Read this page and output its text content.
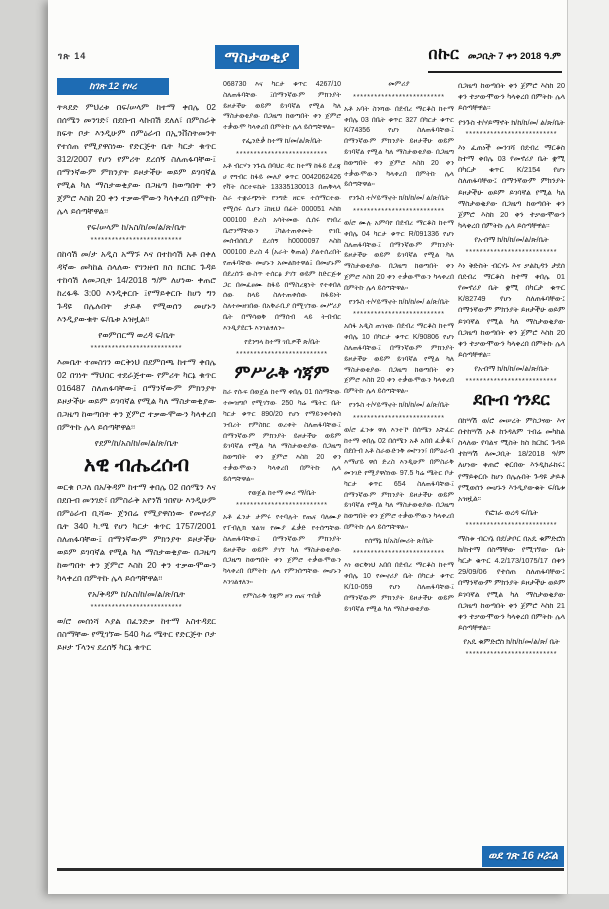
ገጽ 14	ማስታወቂያ	በኩር መጋቢት 7 ቀን 2018 ዓ.ም
ከገጽ 12 የዞረ
ትጻደድ ምህረቱ በፍ/ሠላም ከተማ ቀበሌ 02 በሰሜን መንገድ፣ በደቡብ ላኩበሽ ደለለ፣ በምስራቅ ክፍት ቦታ እንዲሁም በምዕራብ በኢንቨስትመንት የተሰጠ የሚያዋስነው የድርጅት ቤት ካርታ ቁጥር 312/2007 የሆነ የምሪት ደረሰኝ ስለጠፋባቸው፤ በማንኛውም ምክንያት ይዞታችሁ ወይም ይገባኛል የሚል ካለ ማስታወቂያው በጋዜጣ ከወጣበት ቀን ጀምሮ እስከ 20 ቀን ተቃውሞውን ካላቀረበ በምትኩ ሌላ ይሰጣቸዋል፡፡
የፍ/ሠላም ከ/አስ/ከ/መ/ል/ጽ/ቤት
**************************
በከሳሽ መ/ታ አዲስ አማኙ እና በተከሳሽ አቶ በቀለ ዳኛው መካከል ስላለው የገንዘብ ክስ ክርክር ጉዳይ ተከሳሽ ለመጋቢት 14/2018 ዓ/ም ለሆነው ቀጠሮ ከረፋዱ 3:00 እንዲቀርቡ ፤የማይቀርቡ ከሆነ ግን ጉዳዩ በሌሉበት ታይቶ የሚወሰን መሆኑን እንዲያውቁት ፍ/ቤቱ አዝዟል፡፡
የወምበርማ ወረዳ ፍ/ቤት
**************************
እመቤት ተመስገን ወርቅነህ በደምበጫ ከተማ ቀበሌ 02 በገነት ማህበር ተደራጅተው የምሪት ካርኔ ቁጥር 016487 ስለጠፋባቸው፤ በማንኛውም ምክንያት ይዞታችሁ ወይም ይገባኛል የሚል ካለ ማስታወቂያው በጋዜጣ ከወጣበት ቀን ጀምሮ ተቃውሞውን ካላቀረበ በምትኩ ሌላ ይሰጣቸዋል፡፡
የደም/ከ/አስ/ከ/መ/ል/ጽ/ቤት
አዊ ብሔረሰብ
ወርቁ ቦጋለ በአ/ቅዳም ከተማ ቀበሌ 02 በሰሜን እና በደቡብ መንገድ፣ በምስራቅ አየንሽ ገበየሁ እንዲሁም በምዕራብ ቢሻው ጀንበሬ የሚያዋስነው የመኖሪያ ቤት 340 ካ.ሜ የሆነ ካርታ ቁጥር 1757/2001 ስለጠፋባቸው፤ በማንኛውም ምክንያት ይዞታችሁ ወይም ይገባኛል የሚል ካለ ማስታወቂያው በጋዜጣ ከወጣበት ቀን ጀምሮ እስከ 20 ቀን ተቃውሞውን ካላቀረበ በምትኩ ሌላ ይሰጣቸዋል፡፡
የአ/ቅዳም ከ/አስ/ከ/መ/ል/ጽ/ቤት
**************************
ወ/ሮ መሰነሻ እያል በፈንድቃ ከተማ አስተዳደር በስማቸው የሚገኘው 540 ካሬ ሜትር የድርጅት ቦታ ይዞታ ፕላንና ደረሰኝ ካርኔ ቁጥር
068730 እና ካርታ ቁጥር 4267/10 ስለጠፋባቸው ፤በማንኛውም ምክንያት ይዞታችሁ ወይም ይገባኛል የሚል ካለ ማስታወቂያው በጋዜጣ ከወጣበት ቀን ጀምሮ ተቃውሞ ካላቀረበ በምትኩ ሌላ ይሰጣቸዋል፡፡
የፌንድቃ ከተማ ከ/መ/ል/ጽ/ቤት
**************************
አቶ ብርሃን ንጉሴ በባህር ዳር ከተማ ከፋይ ደረጃ ሀ የግብር ከፋይ መለያ ቁጥር 0042062426 የቫት ሰርተፍኬት 13335130013 በጠቅላላ ስራ ተቋራጭነት የንግድ ዘርፍ ተሰማርተው የሚሰሩ ሲሆን ፤ከዚህ በፊት 000051 እስከ 000100 ድረስ አሳትመው ሲሰሩ የነበረ ቤሮንማቸውን ፤ካልተጠቀመት የገቢ መሰብሰቢያ ደረሰኝ h0000097 እስከ 000100 ድረስ 4 (አራት ቅጠል) ያልተሰረበት የጠፋባቸው መሆኑን አመልክተዋል፤ በመሆኑም በደረሰኙ ውስጥ ተሰርፅ ያገኘ ወይም ከድርጅቱ ጋር በመፈፀሙ ከፋይ በማስረጃነት የተቀበለ ሰው ከላይ ስለተጠቀሰው ከፋይነት ስለተመዘገበው በአቅራቢያ በሚገኘው መሥሪያ ቤት በማሳወቅ በማሰብ ላይ ትብብር እንዲያደርጉ እንገልፃለን፡፡
የደንግላ ከተማ ገቢዎች ጽ/ቤት
**************************
ምሥራቅ ጎጃም
ከራ የሱፍ በወጀል ከተማ ቀበሌ 01 በስማቸው ተመዝግቦ የሚገኘው 250 ካሬ ሜትር ቤት ካርታ ቁጥር 890/20 የሆነ የማይንቀሳቀስ ንብረት የምስክር ወረቀት ስለጠፋባቸው፤ በማንኛውም ምክንያት ይዞታችሁ ወይም ይገባኛል የሚል ካለ ማስታወቂያው በጋዜጣ ከወጣበት ቀን ጀምሮ እስከ 20 ቀን ተቃውሞውን ካላቀረበ በምትኩ ሌላ ይሰጣቸዋል፡፡
የወጀል ከተማ መሪ ማ/ቤት
**************************
አቶ ፈንታ ታምሩ የተባሉት የጤና ባለሙያ የፐብሊክ ሄልዝ የሙያ ፈቃድ የተሰጣቸው ስለጠፋባቸው፤ በማንኛውም ምክንያት ይዞታችሁ ወይም ያገኘ ካለ ማስታወቂያው በጋዜጣ ከወጣበት ቀን ጀምሮ ተቃውሞውን ካላቀረበ በምትኩ ሌላ የምንሰጣቸው መሆኑን እንገልፃለን፡፡
የምስራቅ ጎጃም ዞን ጤና ጥበቃ
መምሪያ
**************************
አቶ አባት ስንሻው በደብረ ማርቆስ ከተማ ቀበሌ 03 በቤት ቁጥር 327 በካርታ ቁጥር K/74356 የሆነ ስለጠፋባቸው፤ በማንኛውም ምክንያት ይዞታችሁ ወይም ይገባኛል የሚል ካለ ማስታወቂያው በጋዜጣ ከወጣበት ቀን ጀምሮ እስከ 20 ቀን ተቃውሞውን ካላቀረበ በምትኩ ሌላ ይሰጣቸዋል፡፡
የንጉስ ተ/ሃይማኖት ክ/ከ/ከ/መ/ ል/ጽ/ቤት
**************************
ወ/ሮ ሙሉ አምባየ በደብረ ማርቆስ ከተማ ቀበሌ 04 ካርታ ቁጥር R/091336 የሆነ ስለጠፋባቸው፤ በማንኛውም ምክንያት ይዞታችሁ ወይም ይገባኛል የሚል ካለ ማስታወቂያው በጋዜጣ ከወጣበት ቀን ጀምሮ እስከ 20 ቀን ተቃውሞውን ካላቀረበ በምትኩ ሌላ ይሰጣቸዋል፡፡
የንጉስ ተ/ሃይማኖት ክ/ከ/ከ/መ/ ል/ጽ/ቤት
**************************
አሰፋ አዲስ ጠገናው በደብረ ማርቆስ ከተማ ቀበሌ 10 በካርታ ቁጥር K/90806 የሆነ ስለጠፋባቸው፤ በማንኛውም ምክንያት ይዞታችሁ ወይም ይገባኛል የሚል ካለ ማስታወቂያው በጋዜጣ ከወጣበት ቀን ጀምሮ እስከ 20 ቀን ተቃውሞውን ካላቀረበ በምትኩ ሌላ ይሰጣቸዋል፡፡
የንጉስ ተ/ሃይማኖት ክ/ከ/ከ/መ/ ል/ጽ/ቤት
**************************
ወ/ሮ ፈንቱ ዋለ እንተኾ በሰሜን አቸፈር ከተማ ቀበሌ 02 በሰሜን አቶ አበበ ፈቃዱ፣ በደቡብ አቶ ስራውድንቅ መኮንን፣ በምዕራብ እማሆይ ዋሰ ድረስ እንዲሁም በምስራቅ መንገድ የሚያዋስነው 97.5 ካሬ ሜትር ቦታ ካርታ ቁጥር 654 ስለጠፋባቸው፤ በማንኛውም ምክንያት ይዞታችሁ ወይም ይገባኛል የሚል ካለ ማስታወቂያው በጋዜጣ ከወጣበት ቀን ጀምሮ ተቃውሞውን ካላቀረበ በምትኩ ሌላ ይሰጣቸዋል፡፡
የሰማኔ ከ/አስ/መሪት ጽ/ቤት
**************************
እነ ወርቅነህ አበበ በደብረ ማርቆስ ከተማ ቀበሌ 10 የመኖሪያ ቤት በካርታ ቁጥር K/10-059 የሆነ ስለጠፋባቸው፤ በማንኛውም ምክንያት ይዞታችሁ ወይም ይገባኛል የሚል ካለ ማስታወቂያው
በጋዜጣ ከወጣበት ቀን ጀምሮ እስከ 20 ቀን ተቃውሞውን ካላቀረበ በምትኩ ሌላ ይሰጣቸዋል፡፡
የንጉስ ተ/ሃይማኖት ክ/ከ/ከ/መ/ ል/ጽ/ቤት
**************************
እነ ፈጠነች መንገሻ በደብረ ማርቆስ ከተማ ቀበሌ 03 የመኖሪያ ቤት ቋሚ በካርታ ቁጥር K/2154 የሆነ ስለጠፋባቸው፤ በማንኛውም ምክንያት ይዞታችሁ ወይም ይገባኛል የሚል ካለ ማስታወቂያው በጋዜጣ ከወጣበት ቀን ጀምሮ እስከ 20 ቀን ተቃውሞውን ካላቀረበ በምትኩ ሌላ ይሰጣቸዋል፡፡
የአብማ ክ/ከ/ከ/መ/ል/ጽ/ቤት
**************************
እነ ቅድስት ብርሃኑ እና ቃልኪዳን ታደሰ በደብረ ማርቆስ ከተማ ቀበሌ 01 የመኖሪያ ቤት ቋሚ በካርታ ቁጥር K/82749 የሆነ ስለጠፋባቸው፤ በማንኛውም ምክንያት ይዞታችሁ ወይም ይገባኛል የሚል ካለ ማስታወቂያው በጋዜጣ ከወጣበት ቀን ጀምሮ እስከ 20 ቀን ተቃውሞውን ካላቀረበ በምትኩ ሌላ ይሰጣቸዋል፡፡
የአብማ ክ/ከ/ከ/መ/ል/ጽ/ቤት
**************************
ደቡብ ጎንደር
በከሣሽ ወ/ሮ መሠረት ምስጋናው እና በተከሣሽ አቶ ከንዳለም ገብሬ መካከል ስላለው የባልና ሚስት ክስ ክርክር ጉዳይ ተከሣሽ ለመጋቢት 18/2018 ዓ/ም ለሆነው ቀጠሮ ቀርበው እንዲከራከሩ፤ የማይቀርቡ ከሆነ በሌሉበት ጉዳዩ ታይቶ የሚወሰን መሆኑን እንዲያውቁት ፍ/ቤቱ አዝዟል፡፡
የፎገራ ወረዳ ፍ/ቤት
**************************
ማስቱ ብርሃኔ በደ/ታቦር በአዴ ቁምድሮስ ክ/ከተማ በስማቸው የሚገኘው ቤት ካርታ ቁጥር 4.2/173/1075/17 በቀን 29/09/06 የተሰጠ ስለጠፋባቸው፤ በማንኛውም ምክንያት ይዞታችሁ ወይም ይገባኛል የሚል ካለ ማስታወቂያው በጋዜጣ ከወጣበት ቀን ጀምሮ እስከ 21 ቀን ተቃውሞውን ካላቀረበ በምትኩ ሌላ ይሰጣቸዋል፡፡
የአዴ ቁምድሮስ ክ/ከ/ከ/መ/ል/ጽ/ ቤት
**************************
ወደ ገጽ 16 ዞሯል
